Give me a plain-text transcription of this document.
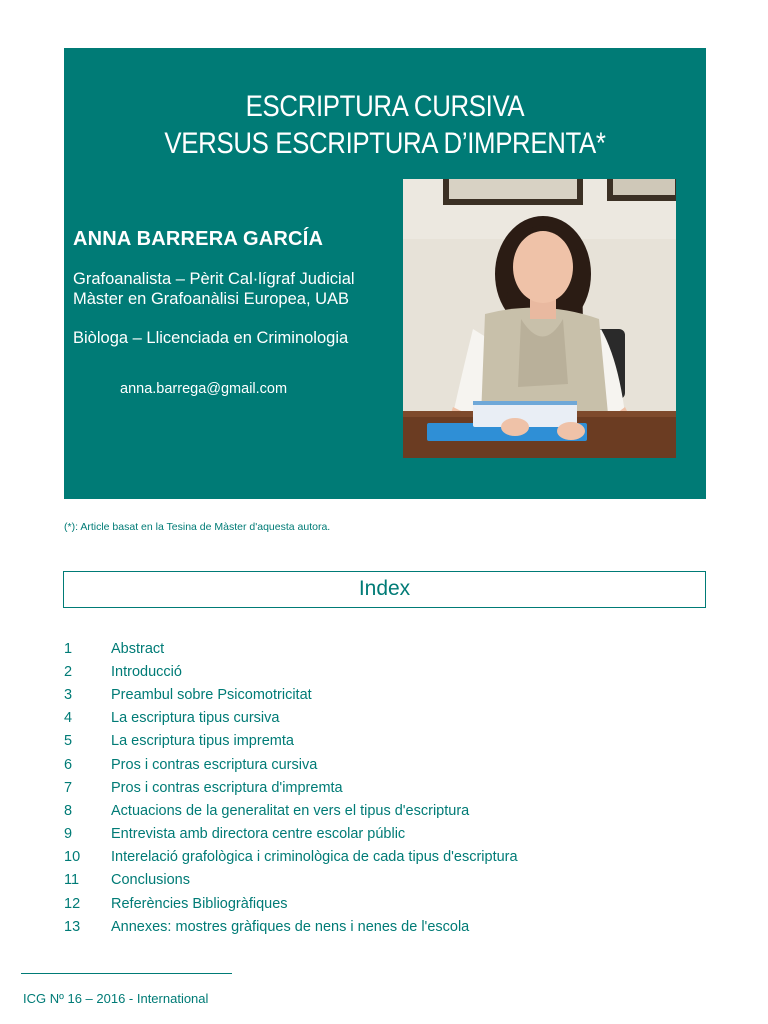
ESCRIPTURA CURSIVA
VERSUS ESCRIPTURA D’IMPRENTA*
ANNA BARRERA GARCÍA
Grafoanalista – Pèrit Cal·lígraf Judicial
Màster en Grafoanàlisi Europea, UAB
Biòloga – Llicenciada en Criminologia
anna.barrega@gmail.com
(*): Article basat en la Tesina de Màster d'aquesta autora.
Index
1	Abstract
2	Introducció
3	Preambul sobre Psicomotricitat
4	La escriptura tipus cursiva
5	La escriptura tipus impremta
6	Pros i contras escriptura cursiva
7	Pros i contras escriptura d'impremta
8	Actuacions de la generalitat en vers el tipus d'escriptura
9	Entrevista amb directora centre escolar públic
10	Interelació grafològica i criminològica de cada tipus d'escriptura
11	Conclusions
12	Referències Bibliogràfiques
13	Annexes: mostres gràfiques de nens i nenes de l'escola
ICG Nº 16 – 2016 - International
